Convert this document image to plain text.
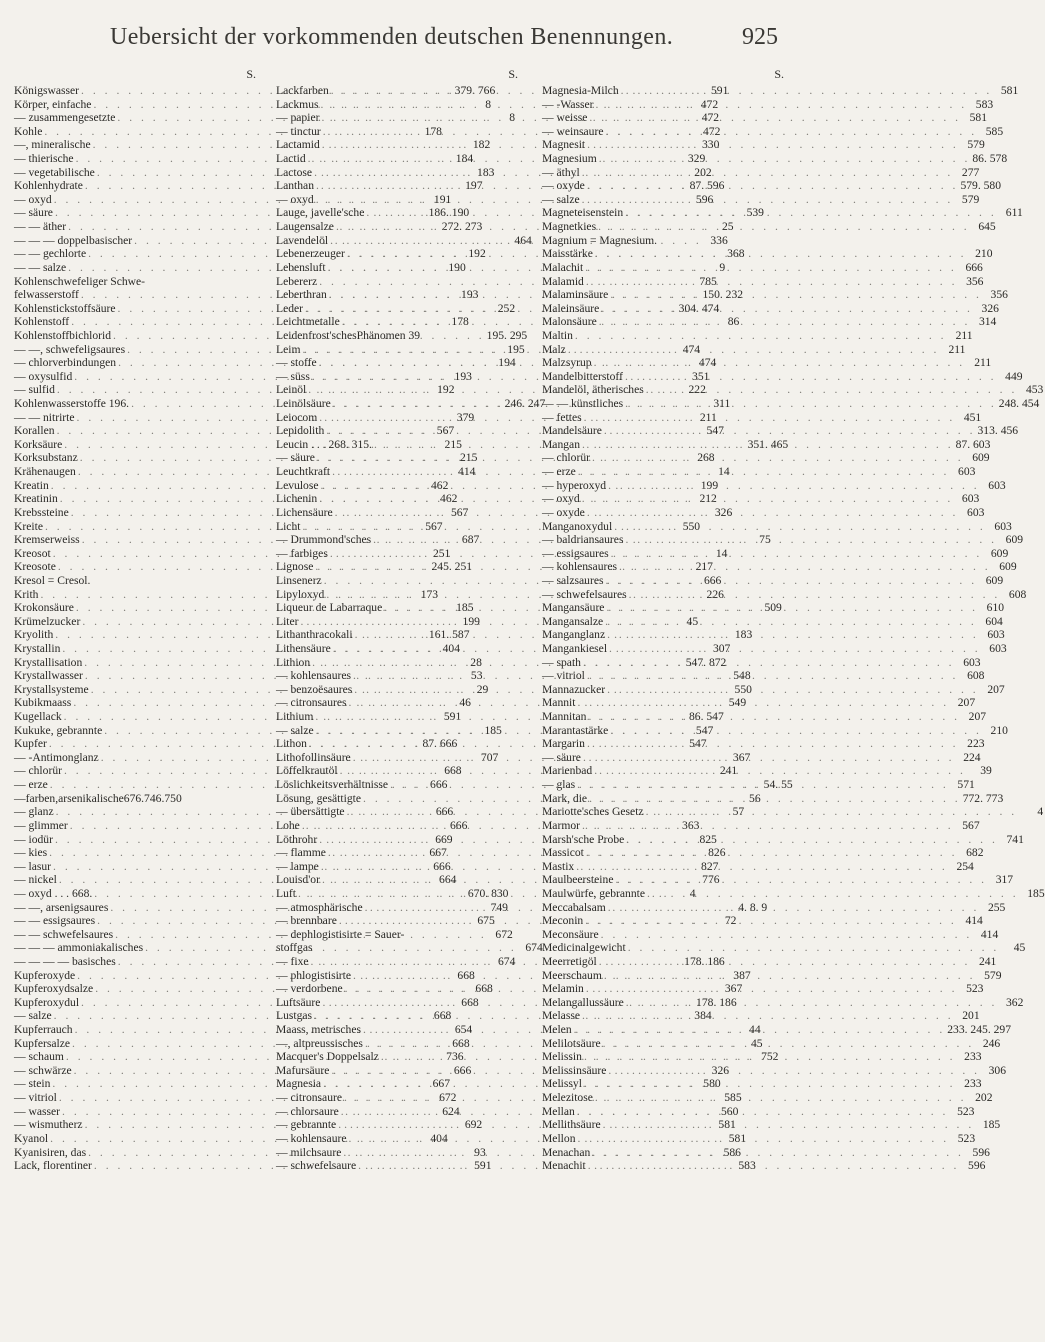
Uebersicht der vorkommenden deutschen Benennungen.	925
S.
Königswasser . . .	379. 766
Körper, einfache . . .	8
— zusammengesetzte . . .	8
Kohle . . .	178
—, mineralische . . .	182
— thierische . . .	184
— vegetabilische . . .	183
Kohlenhydrate . . .	197
— oxyd . . .	191
— säure . . .	186. 190
— — äther . . .	272. 273
— — — doppelbasischer . . .	464
— — gechlorte . . .	192
— — salze . . .	190
Kohlenschwefeliger Schwe-
felwasserstoff . . .	193
Kohlenstickstoffsäure . . .	252
Kohlenstoff . . .	178
Kohlenstoffbichlorid . . .	195. 295
— —, schwefeligsaures . . .	195
— chlorverbindungen . . .	194
— oxysulfid . . .	193
— sulfid . . .	192
Kohlenwasserstoffe 196. . . .	246. 247
— — nitrirte . . .	379
Korallen . . .	567
Korksäure . . .	215
Korksubstanz . . .	215
Krähenaugen . . .	414
Kreatin . . .	462
Kreatinin . . .	462
Krebssteine . . .	567
Kreite . . .	567
Kremserweiss . . .	687
Kreosot . . .	251
Kreosote . . .	245. 251
Kresol = Cresol.
Krith . . .	173
Krokonsäure . . .	185
Krümelzucker . . .	199
Kryolith . . .	161. 587
Krystallin . . .	404
Krystallisation . . .	28
Krystallwasser . . .	53
Krystallsysteme . . .	29
Kubikmaass . . .	46
Kugellack . . .	591
Kukuke, gebrannte . . .	185
Kupfer . . .	87. 666
— -Antimonglanz . . .	707
— chlorür . . .	668
— erze . . .	666
—farben,arsenikalische676.746.750
— glanz . . .	666
— glimmer . . .	666
— iodür . . .	669
— kies . . .	667
— lasur . . .	666
— nickel . . .	664
— oxyd . . . 668. . . .	670. 830
— —, arsenigsaures . . .	749
— — essigsaures . . .	675
— — schwefelsaures . . .	672
— — — ammoniakalisches . . .	674
— — — — basisches . . .	674
Kupferoxyde . . .	668
Kupferoxydsalze . . .	668
Kupferoxydul . . .	668
— salze . . .	668
Kupferrauch . . .	654
Kupfersalze . . .	668
— schaum . . .	736
— schwärze . . .	666
— stein . . .	667
— vitriol . . .	672
— wasser . . .	624
— wismutherz . . .	692
Kyanol . . .	404
Kyanisiren, das . . .	93
Lack, florentiner . . .	591
S.
Lackfarben . . .	591
Lackmus . . .	472
— papier . . .	472
— tinctur . . .	472
Lactamid . . .	330
Lactid . . .	329
Lactose . . .	202
Lanthan . . .	87. 596
— oxyd . . .	596
Lauge, javelle'sche . . .	539
Laugensalze . . .	25
Lavendelöl . . .	336
Lebenerzeuger . . .	368
Lebensluft . . .	9
Lebererz . . .	785
Leberthran . . .	150. 232
Leder . . .	304. 474
Leichtmetalle . . .	86
Leidenfrost'schesPhänomen 39
Leim . . .	474
— stoffe . . .	474
— süss . . .	351
Leinöl . . .	222
Leinölsäure . . .	311
Leiocom . . .	211
Lepidolith . . .	547
Leucin . . . 268. 315. . . .	351. 465
— säure . . .	268
Leuchtkraft . . .	14
Levulose . . .	199
Lichenin . . .	212
Lichensäure . . .	326
Licht . . .	550
— Drummond'sches . . .	75
— farbiges . . .	14
Lignose . . .	217
Linsenerz . . .	666
Lipyloxyd . . .	226
Liqueur de Labarraque . . .	509
Liter . . .	45
Lithanthracokali . . .	183
Lithensäure . . .	307
Lithion . . .	547. 872
— kohlensaures . . .	548
— benzoësaures . . .	550
— citronsaures . . .	549
Lithium . . .	86. 547
— salze . . .	547
Lithon . . .	547
Lithofollinsäure . . .	367
Löffelkrautöl . . .	241
Löslichkeitsverhältnisse . . .	54. 55
Lösung, gesättigte . . .	56
— übersättigte . . .	57
Lohe . . .	363
Löthrohr . . .	825
— flamme . . .	826
— lampe . . .	827
Louisd'or . . .	776
Luft . . .	4
— atmosphärische . . .	4. 8. 9
— brennbare . . .	72
— dephlogistisirte = Sauer-
stoffgas
— fixe . . .	178. 186
— phlogistisirte . . .	387
— verdorbene . . .	367
Luftsäure . . .	178. 186
Lustgas . . .	384
Maass, metrisches . . .	44
—, altpreussisches . . .	45
Macquer's Doppelsalz . . .	752
Mafursäure . . .	326
Magnesia . . .	580
— citronsaure . . .	585
— chlorsaure . . .	560
— gebrannte . . .	581
— kohlensaure . . .	581
— milchsaure . . .	586
— schwefelsaure . . .	583
S.
Magnesia-Milch . . .	581
— -Wasser . . .	583
— weisse . . .	581
— weinsaure . . .	585
Magnesit . . .	579
Magnesium . . .	86. 578
— äthyl . . .	277
— oxyde . . .	579. 580
— salze . . .	579
Magneteisenstein . . .	611
Magnetkies . . .	645
Magnium = Magnesium.
Maisstärke . . .	210
Malachit . . .	666
Malamid . . .	356
Malaminsäure . . .	356
Maleinsäure . . .	326
Malonsäure . . .	314
Maltin . . .	211
Malz . . .	211
Malzsyrup . . .	211
Mandelbitterstoff . . .	449
Mandelöl, ätherisches . . .	453
— — künstliches . . .	248. 454
— fettes . . .	451
Mandelsäure . . .	313. 456
Mangan . . .	87. 603
— chlorür . . .	609
— erze . . .	603
— hyperoxyd . . .	603
— oxyd . . .	603
— oxyde . . .	603
Manganoxydul . . .	603
— baldriansaures . . .	609
— essigsaures . . .	609
— kohlensaures . . .	609
— salzsaures . . .	609
— schwefelsaures . . .	608
Mangansäure . . .	610
Mangansalze . . .	604
Manganglanz . . .	603
Mangankiesel . . .	603
— spath . . .	603
— vitriol . . .	608
Mannazucker . . .	207
Mannit . . .	207
Mannitan . . .	207
Marantastärke . . .	210
Margarin . . .	223
— säure . . .	224
Marienbad . . .	39
— glas . . .	571
Mark, die . . .	772. 773
Mariotte'sches Gesetz . . .	4
Marmor . . .	567
Marsh'sche Probe . . .	741
Massicot . . .	682
Mastix . . .	254
Maulbeersteine . . .	317
Maulwürfe, gebrannte . . .	185
Meccabalsam . . .	255
Meconin . . .	414
Meconsäure . . .	414
Medicinalgewicht . . .	45
Meerretigöl . . .	241
Meerschaum . . .	579
Melamin . . .	523
Melangallussäure . . .	362
Melasse . . .	201
Melen . . .	233. 245. 297
Melilotsäure . . .	246
Melissin . . .	233
Melissinsäure . . .	306
Melissyl . . .	233
Melezitose . . .	202
Mellan . . .	523
Mellithsäure . . .	185
Mellon . . .	523
Menachan . . .	596
Menachit . . .	596
